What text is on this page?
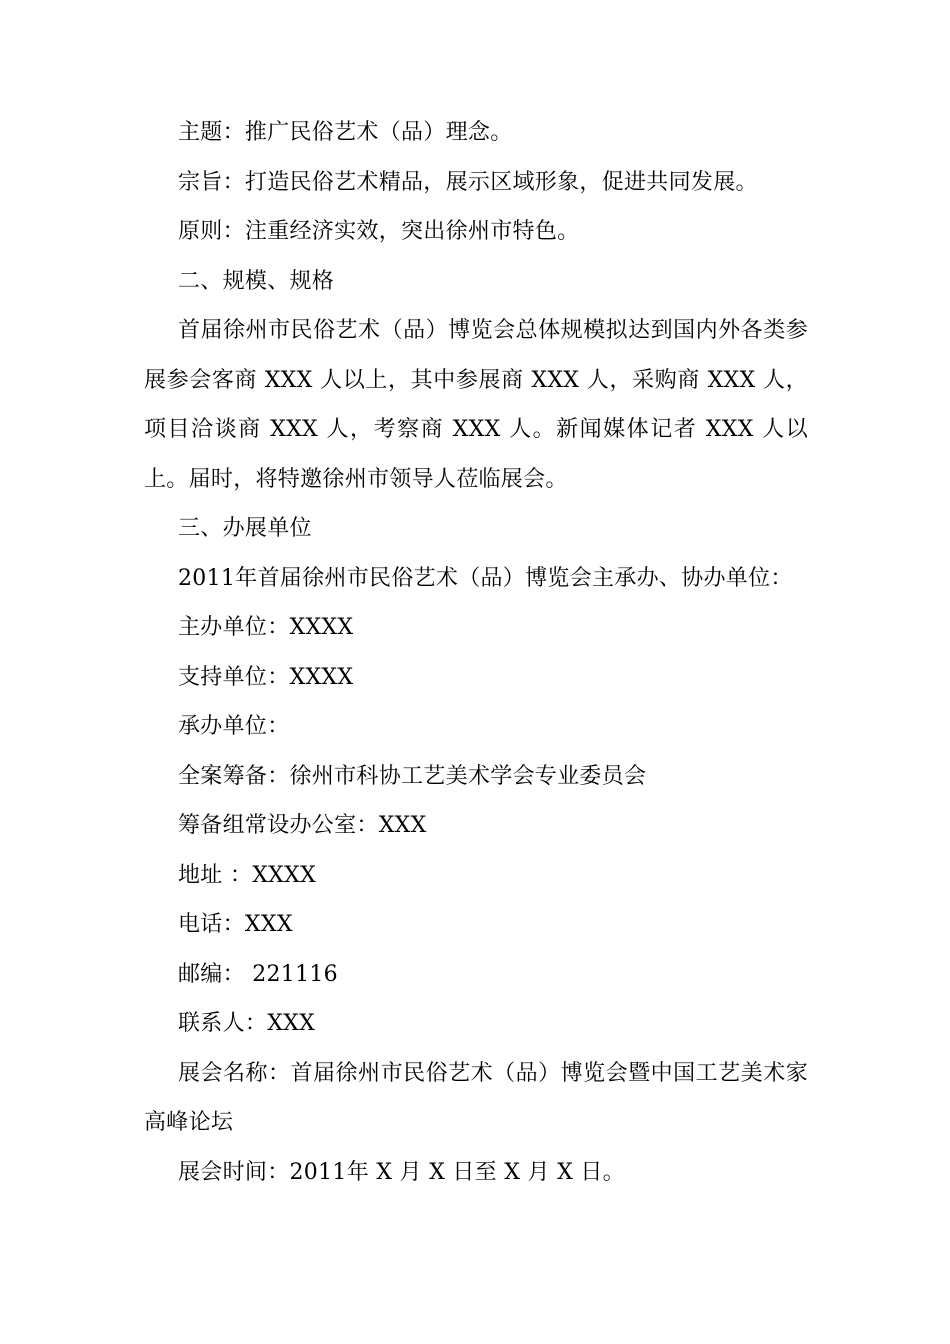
主题：推广民俗艺术（品）理念。

宗旨：打造民俗艺术精品，展示区域形象，促进共同发展。

原则：注重经济实效，突出徐州市特色。

二、规模、规格

首届徐州市民俗艺术（品）博览会总体规模拟达到国内外各类参展参会客商 XXX 人以上，其中参展商 XXX 人，采购商 XXX 人，项目洽谈商 XXX 人，考察商 XXX 人。新闻媒体记者 XXX 人以上。届时，将特邀徐州市领导人莅临展会。

三、办展单位

2011年首届徐州市民俗艺术（品）博览会主承办、协办单位：

主办单位：XXXX

支持单位：XXXX

承办单位：

全案筹备：徐州市科协工艺美术学会专业委员会

筹备组常设办公室：XXX

地址 ：XXXX

电话：XXX

邮编： 221116

联系人：XXX

展会名称：首届徐州市民俗艺术（品）博览会暨中国工艺美术家高峰论坛

展会时间：2011年 X 月 X 日至 X 月 X 日。
